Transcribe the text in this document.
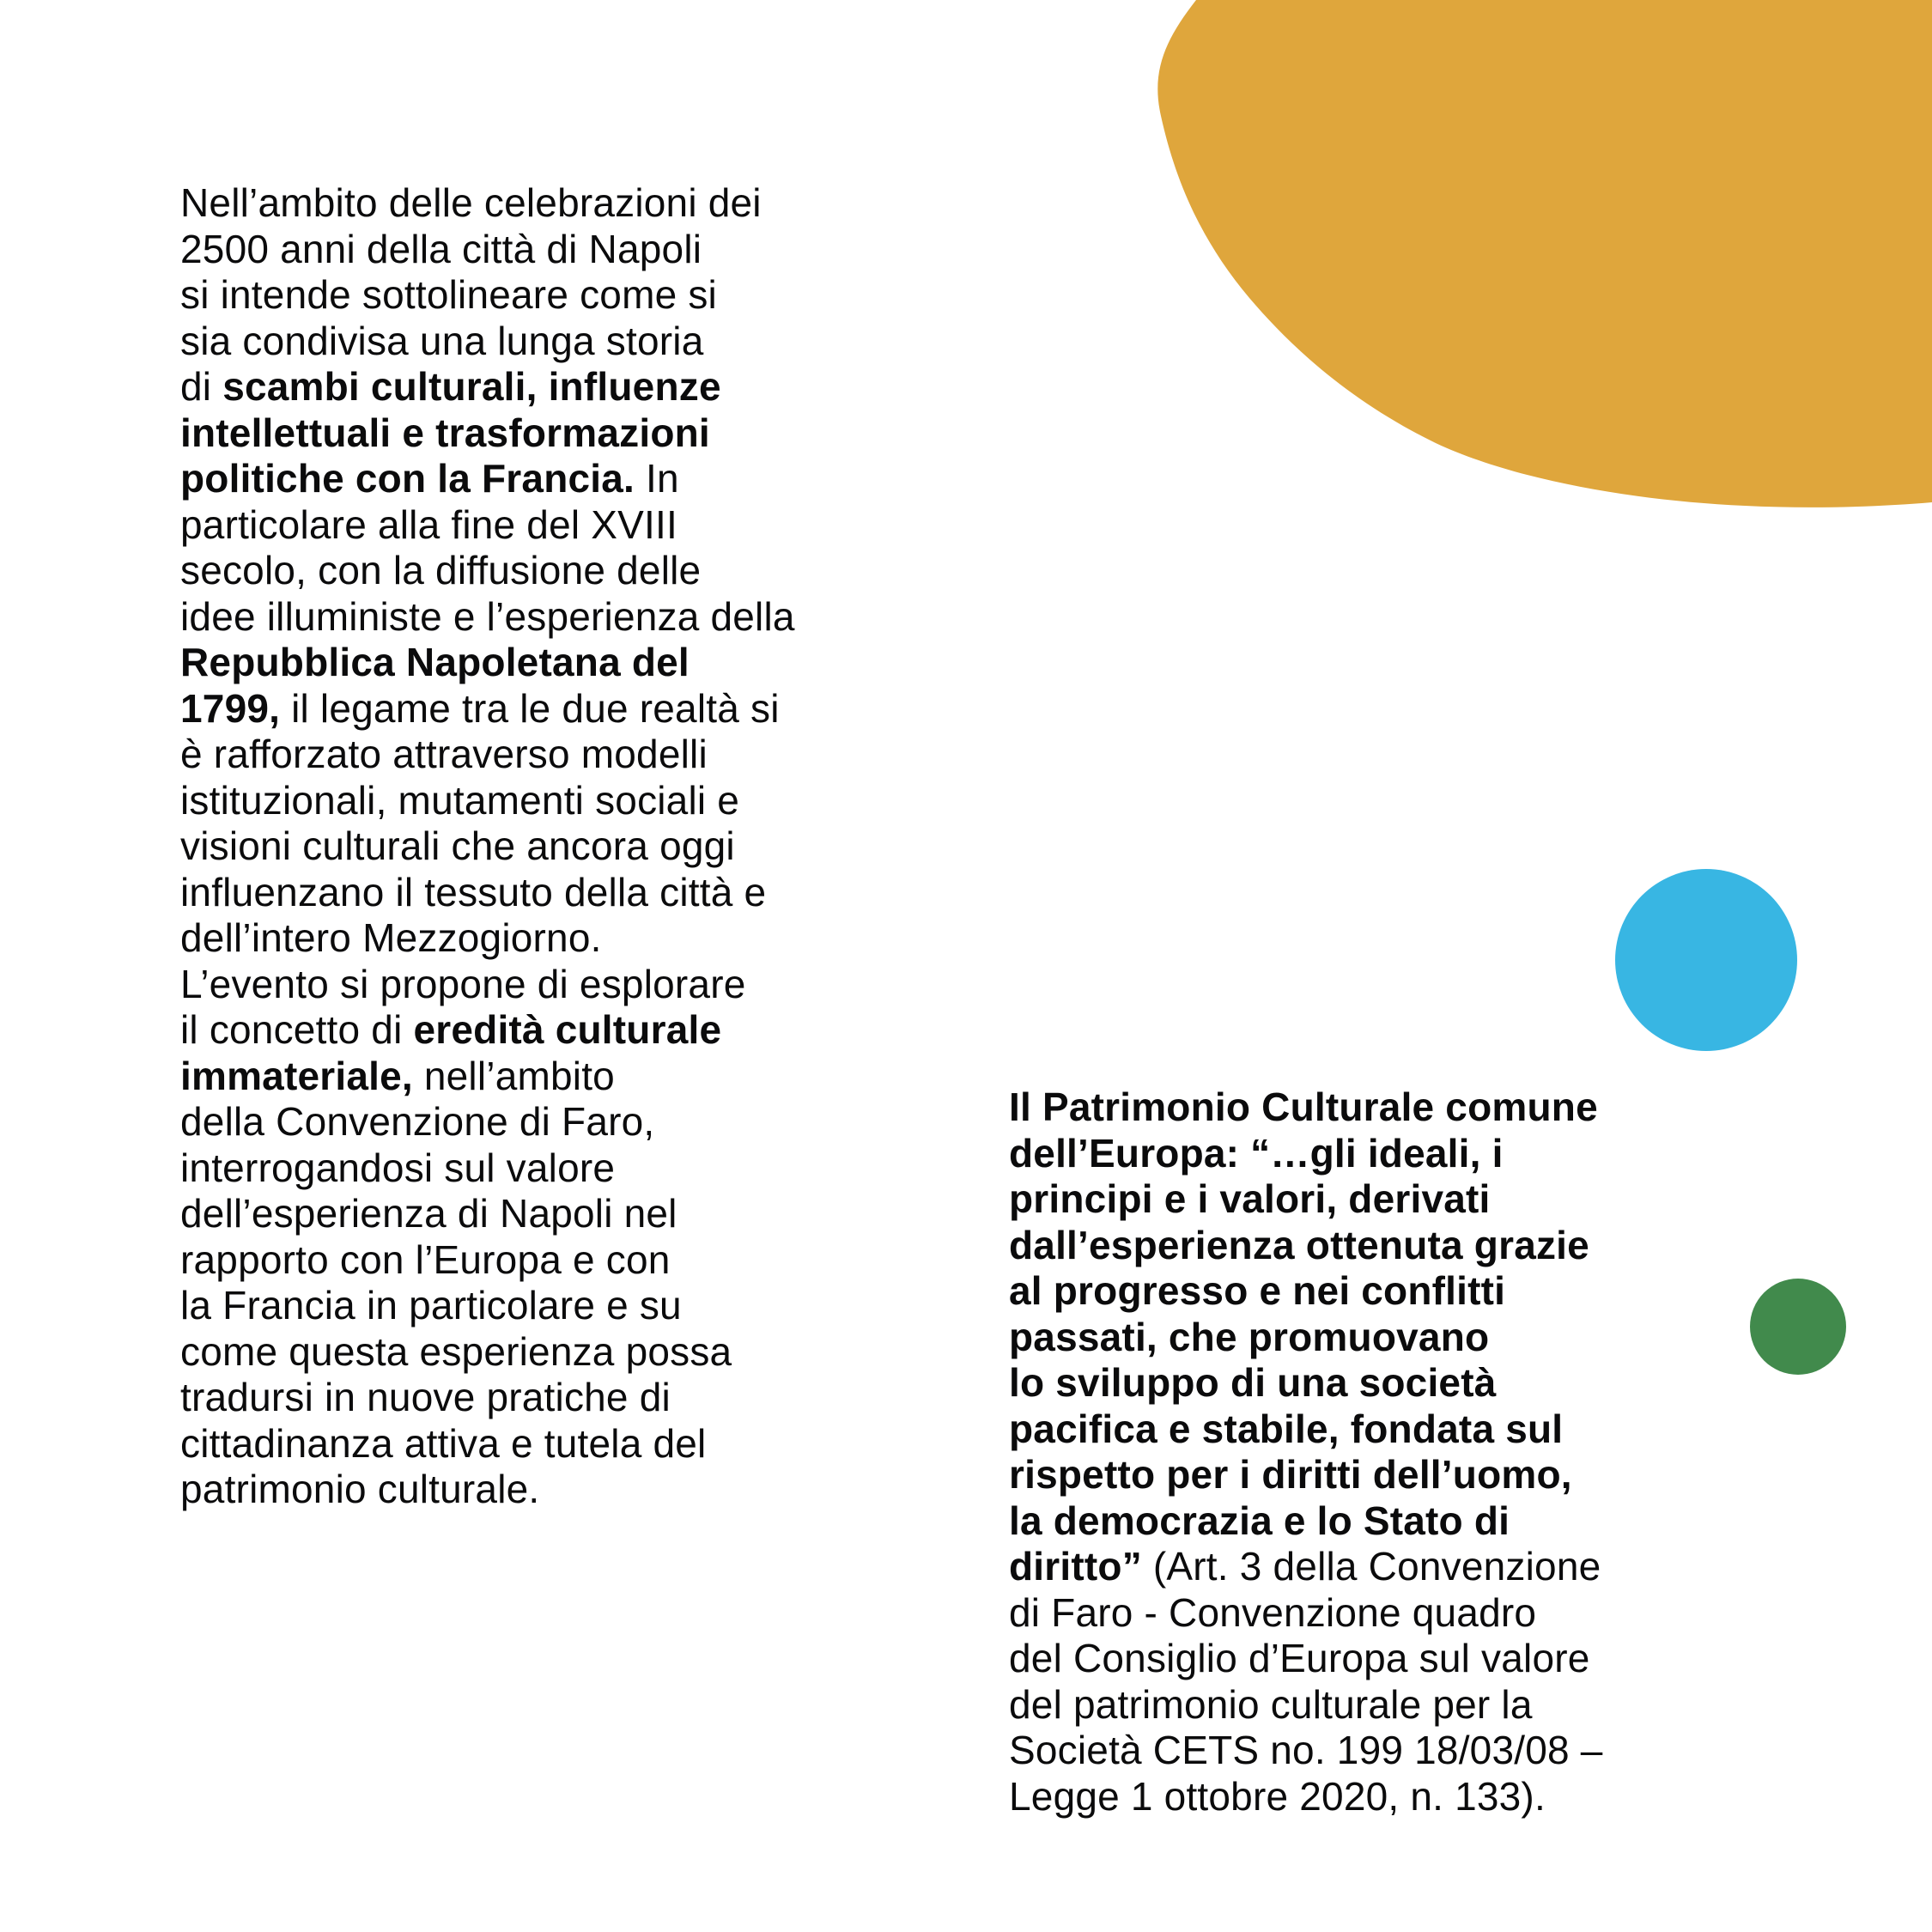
Nell’ambito delle celebrazioni dei
2500 anni della città di Napoli
si intende sottolineare come si
sia condivisa una lunga storia
di scambi culturali, influenze
intellettuali e trasformazioni
politiche con la Francia. In
particolare alla fine del XVIII
secolo, con la diffusione delle
idee illuministe e l’esperienza della
Repubblica Napoletana del
1799, il legame tra le due realtà si
è rafforzato attraverso modelli
istituzionali, mutamenti sociali e
visioni culturali che ancora oggi
influenzano il tessuto della città e
dell’intero Mezzogiorno.
L’evento si propone di esplorare
il concetto di eredità culturale
immateriale, nell’ambito
della Convenzione di Faro,
interrogandosi sul valore
dell’esperienza di Napoli nel
rapporto con l’Europa e con
la Francia in particolare e su
come questa esperienza possa
tradursi in nuove pratiche di
cittadinanza attiva e tutela del
patrimonio culturale.
Il Patrimonio Culturale comune
dell’Europa: “…gli ideali, i
principi e i valori, derivati
dall’esperienza ottenuta grazie
al progresso e nei conflitti
passati, che promuovano
lo sviluppo di una società
pacifica e stabile, fondata sul
rispetto per i diritti dell’uomo,
la democrazia e lo Stato di
diritto” (Art. 3 della Convenzione
di Faro - Convenzione quadro
del Consiglio d’Europa sul valore
del patrimonio culturale per la
Società CETS no. 199 18/03/08 –
Legge 1 ottobre 2020, n. 133).
